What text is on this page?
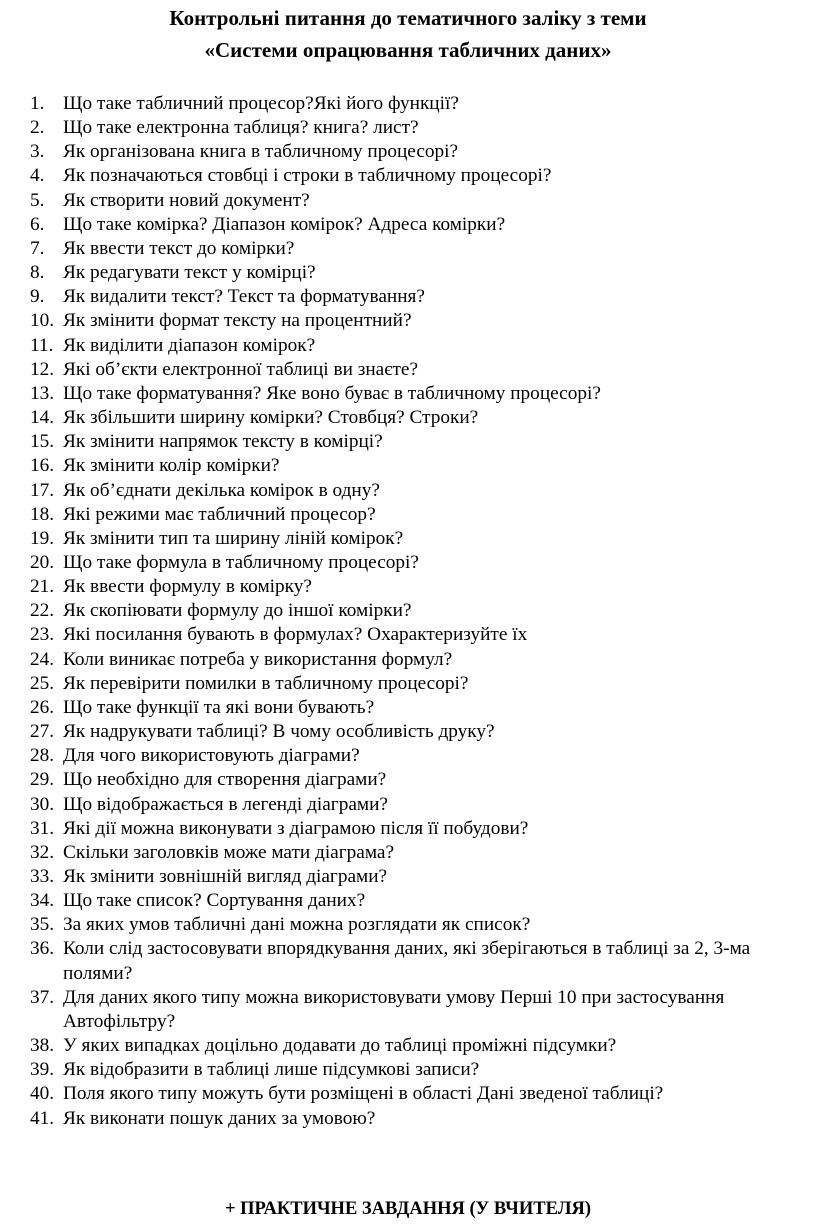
Контрольні питання до тематичного заліку з теми
«Системи опрацювання табличних даних»
1. Що таке табличний процесор?Які його функції?
2. Що таке електронна таблиця? книга? лист?
3. Як організована книга в табличному процесорі?
4. Як позначаються стовбці і строки в табличному процесорі?
5. Як створити новий документ?
6. Що таке комірка? Діапазон комірок? Адреса комірки?
7. Як ввести текст до комірки?
8. Як редагувати текст у комірці?
9. Як видалити текст? Текст та форматування?
10. Як змінити формат тексту на процентний?
11. Як виділити діапазон комірок?
12. Які об’єкти електронної таблиці ви знаєте?
13. Що таке форматування? Яке воно буває в табличному процесорі?
14. Як збільшити ширину комірки? Стовбця? Строки?
15. Як змінити напрямок тексту в комірці?
16. Як змінити колір комірки?
17. Як об’єднати декілька комірок в одну?
18. Які режими має табличний процесор?
19. Як змінити тип та ширину ліній комірок?
20. Що таке формула в табличному процесорі?
21. Як ввести формулу в комірку?
22. Як скопіювати формулу до іншої комірки?
23. Які посилання бувають в формулах? Охарактеризуйте їх
24. Коли виникає потреба у використання формул?
25. Як перевірити помилки в табличному процесорі?
26. Що таке функції та які вони бувають?
27. Як надрукувати таблиці? В чому особливість друку?
28. Для чого використовують діаграми?
29. Що необхідно для створення діаграми?
30. Що відображається в легенді діаграми?
31. Які дії можна виконувати з діаграмою після її побудови?
32. Скільки заголовків може мати діаграма?
33. Як змінити зовнішній вигляд діаграми?
34. Що таке список? Сортування даних?
35. За яких умов табличні дані можна розглядати як список?
36. Коли слід застосовувати впорядкування даних, які зберігаються в таблиці за 2, 3-ма полями?
37. Для даних якого типу можна використовувати умову Перші 10 при застосування Автофільтру?
38. У яких випадках доцільно додавати до таблиці проміжні підсумки?
39. Як відобразити в таблиці лише підсумкові записи?
40. Поля якого типу можуть бути розміщені в області Дані зведеної таблиці?
41. Як виконати пошук даних за умовою?

+ ПРАКТИЧНЕ ЗАВДАННЯ (У ВЧИТЕЛЯ)
